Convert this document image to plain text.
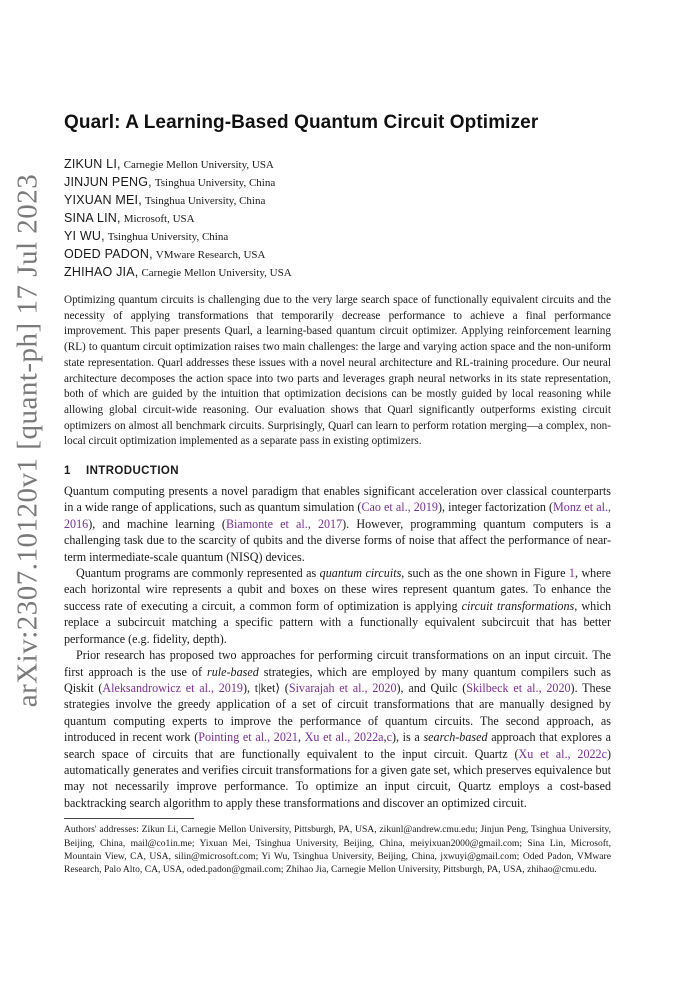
arXiv:2307.10120v1 [quant-ph] 17 Jul 2023
Quarl: A Learning-Based Quantum Circuit Optimizer
ZIKUN LI, Carnegie Mellon University, USA
JINJUN PENG, Tsinghua University, China
YIXUAN MEI, Tsinghua University, China
SINA LIN, Microsoft, USA
YI WU, Tsinghua University, China
ODED PADON, VMware Research, USA
ZHIHAO JIA, Carnegie Mellon University, USA

Optimizing quantum circuits is challenging due to the very large search space of functionally equivalent circuits and the necessity of applying transformations that temporarily decrease performance to achieve a final performance improvement. This paper presents Quarl, a learning-based quantum circuit optimizer. Applying reinforcement learning (RL) to quantum circuit optimization raises two main challenges: the large and varying action space and the non-uniform state representation. Quarl addresses these issues with a novel neural architecture and RL-training procedure. Our neural architecture decomposes the action space into two parts and leverages graph neural networks in its state representation, both of which are guided by the intuition that optimization decisions can be mostly guided by local reasoning while allowing global circuit-wide reasoning. Our evaluation shows that Quarl significantly outperforms existing circuit optimizers on almost all benchmark circuits. Surprisingly, Quarl can learn to perform rotation merging—a complex, non-local circuit optimization implemented as a separate pass in existing optimizers.

1 INTRODUCTION

Quantum computing presents a novel paradigm that enables significant acceleration over classical counterparts in a wide range of applications, such as quantum simulation (Cao et al., 2019), integer factorization (Monz et al., 2016), and machine learning (Biamonte et al., 2017). However, programming quantum computers is a challenging task due to the scarcity of qubits and the diverse forms of noise that affect the performance of near-term intermediate-scale quantum (NISQ) devices.

Quantum programs are commonly represented as quantum circuits, such as the one shown in Figure 1, where each horizontal wire represents a qubit and boxes on these wires represent quantum gates. To enhance the success rate of executing a circuit, a common form of optimization is applying circuit transformations, which replace a subcircuit matching a specific pattern with a functionally equivalent subcircuit that has better performance (e.g. fidelity, depth).

Prior research has proposed two approaches for performing circuit transformations on an input circuit. The first approach is the use of rule-based strategies, which are employed by many quantum compilers such as Qiskit (Aleksandrowicz et al., 2019), t|ket⟩ (Sivarajah et al., 2020), and Quilc (Skilbeck et al., 2020). These strategies involve the greedy application of a set of circuit transformations that are manually designed by quantum computing experts to improve the performance of quantum circuits. The second approach, as introduced in recent work (Pointing et al., 2021, Xu et al., 2022a,c), is a search-based approach that explores a search space of circuits that are functionally equivalent to the input circuit. Quartz (Xu et al., 2022c) automatically generates and verifies circuit transformations for a given gate set, which preserves equivalence but may not necessarily improve performance. To optimize an input circuit, Quartz employs a cost-based backtracking search algorithm to apply these transformations and discover an optimized circuit.

Authors' addresses: Zikun Li, Carnegie Mellon University, Pittsburgh, PA, USA, zikunl@andrew.cmu.edu; Jinjun Peng, Tsinghua University, Beijing, China, mail@co1in.me; Yixuan Mei, Tsinghua University, Beijing, China, meiyixuan2000@gmail.com; Sina Lin, Microsoft, Mountain View, CA, USA, silin@microsoft.com; Yi Wu, Tsinghua University, Beijing, China, jxwuyi@gmail.com; Oded Padon, VMware Research, Palo Alto, CA, USA, oded.padon@gmail.com; Zhihao Jia, Carnegie Mellon University, Pittsburgh, PA, USA, zhihao@cmu.edu.
